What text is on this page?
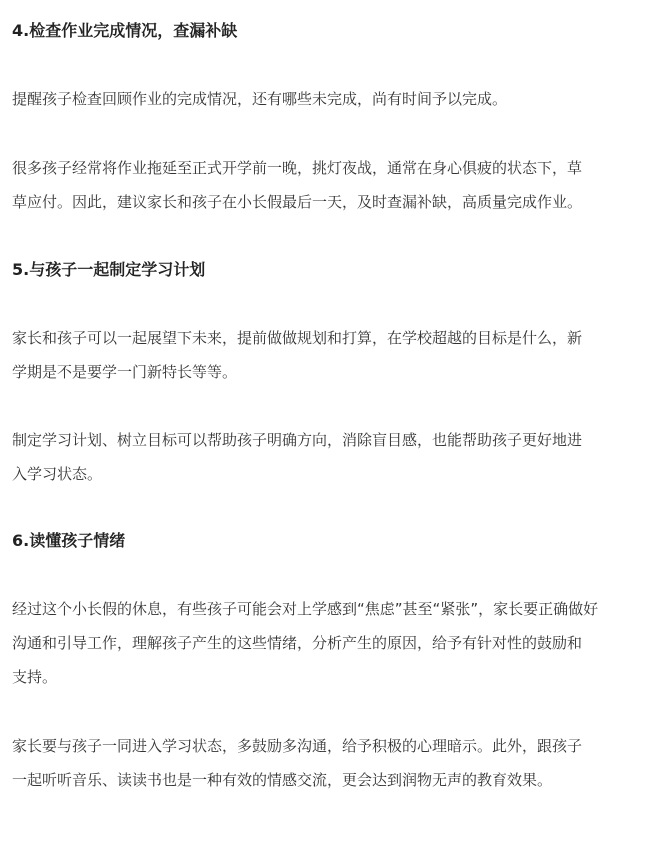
4.检查作业完成情况，查漏补缺
提醒孩子检查回顾作业的完成情况，还有哪些未完成，尚有时间予以完成。
很多孩子经常将作业拖延至正式开学前一晚，挑灯夜战，通常在身心俱疲的状态下，草
草应付。因此，建议家长和孩子在小长假最后一天，及时查漏补缺，高质量完成作业。
5.与孩子一起制定学习计划
家长和孩子可以一起展望下未来，提前做做规划和打算，在学校超越的目标是什么，新
学期是不是要学一门新特长等等。
制定学习计划、树立目标可以帮助孩子明确方向，消除盲目感，也能帮助孩子更好地进
入学习状态。
6.读懂孩子情绪
经过这个小长假的休息，有些孩子可能会对上学感到“焦虑”甚至“紧张”，家长要正确做好
沟通和引导工作，理解孩子产生的这些情绪，分析产生的原因，给予有针对性的鼓励和
支持。
家长要与孩子一同进入学习状态，多鼓励多沟通，给予积极的心理暗示。此外，跟孩子
一起听听音乐、读读书也是一种有效的情感交流，更会达到润物无声的教育效果。
